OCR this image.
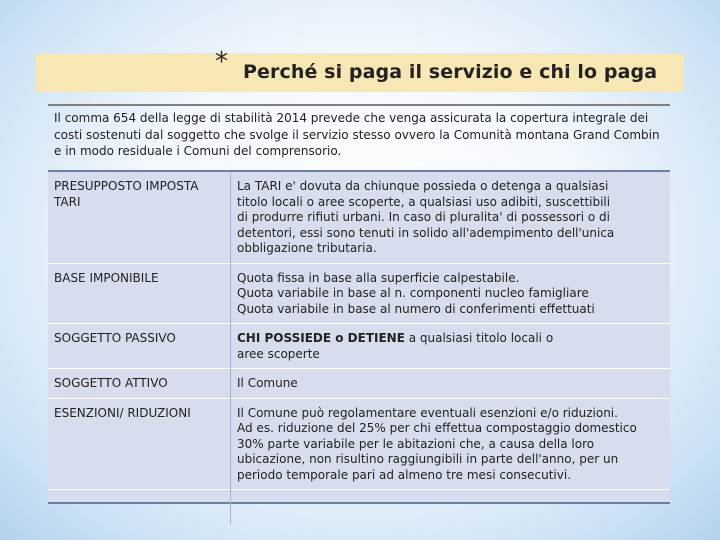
* Perché si paga il servizio e chi lo paga
Il comma 654 della legge di stabilità 2014 prevede che venga assicurata la copertura integrale dei costi sostenuti dal soggetto che svolge il servizio stesso ovvero la Comunità montana Grand Combin e in modo residuale i Comuni del comprensorio.
PRESUPPOSTO IMPOSTA TARI	La TARI e' dovuta da chiunque possieda o detenga a qualsiasi
titolo locali o aree scoperte, a qualsiasi uso adibiti, suscettibili
di produrre rifiuti urbani. In caso di pluralita' di possessori o di
detentori, essi sono tenuti in solido all'adempimento dell'unica
obbligazione tributaria.

BASE IMPONIBILE	Quota fissa in base alla superficie calpestabile.
Quota variabile in base al n. componenti nucleo famigliare
Quota variabile in base al numero di conferimenti effettuati

SOGGETTO PASSIVO	CHI POSSIEDE o DETIENE a qualsiasi titolo locali o
aree scoperte

SOGGETTO ATTIVO	Il Comune

ESENZIONI/ RIDUZIONI	Il Comune può regolamentare eventuali esenzioni e/o riduzioni.
Ad es. riduzione del 25% per chi effettua compostaggio domestico
30% parte variabile per le abitazioni che, a causa della loro
ubicazione, non risultino raggiungibili in parte dell'anno, per un
periodo temporale pari ad almeno tre mesi consecutivi.
